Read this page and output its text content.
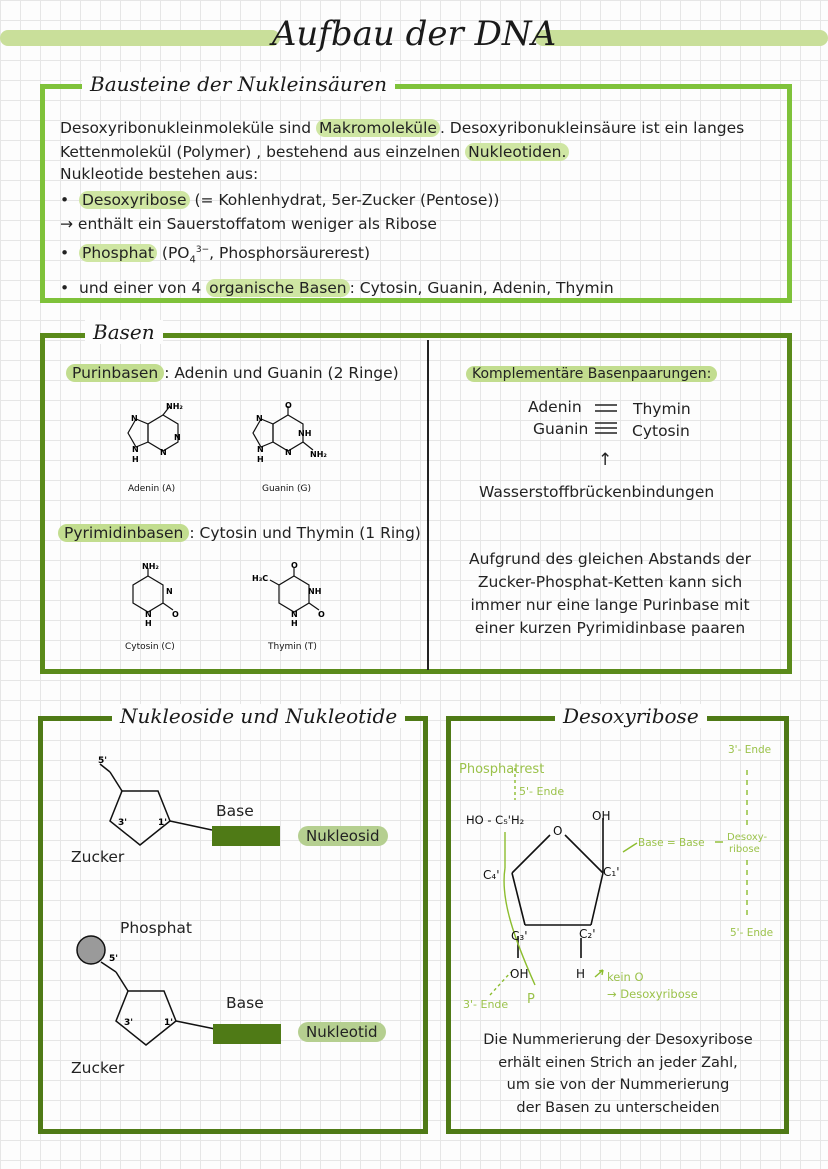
Aufbau der DNA
Bausteine der Nukleinsäuren
Desoxyribonukleinmoleküle sind Makromoleküle . Desoxyribonukleinsäure ist ein langes
Kettenmolekül (Polymer) , bestehend aus einzelnen Nukleotiden.
Nukleotide bestehen aus:
•  Desoxyribose (= Kohlenhydrat, 5er-Zucker (Pentose))
→ enthält ein Sauerstoffatom weniger als Ribose
•  Phosphat ($PO_4^{3-}$, Phosphorsäurerest)
•  und einer von 4 organische Basen : Cytosin, Guanin, Adenin, Thymin
Basen
Purinbasen : Adenin und Guanin (2 Ringe)
NH₂
N
N
N
N
H
Adenin (A)
O
NH
N
N
N
H
NH₂
Guanin (G)
Pyrimidinbasen : Cytosin und Thymin (1 Ring)
NH₂
N
N
H
O
Cytosin (C)
O
H₃C
NH
N
H
O
Thymin (T)
Komplementäre Basenpaarungen:
Adenin	Thymin
Guanin	Cytosin
↑
Wasserstoffbrückenbindungen
Aufgrund des gleichen Abstands der
Zucker-Phosphat-Ketten kann sich
immer nur eine lange Purinbase mit
einer kurzen Pyrimidinbase paaren
Nukleoside und Nukleotide
5'
3'	1'
Base
Zucker
Nukleosid
Phosphat
5'
3'	1'
Base
Zucker
Nukleotid
Desoxyribose
Phosphatrest
5'- Ende
HO - C₅'H₂
O
OH
C₄'	C₁'
C₃'	C₂'
OH	H
P
3'- Ende
kein O
→ Desoxyribose
Base = Base Desoxy-
ribose
3'- Ende
5'- Ende
Die Nummerierung der Desoxyribose
erhält einen Strich an jeder Zahl,
um sie von der Nummerierung
der Basen zu unterscheiden
